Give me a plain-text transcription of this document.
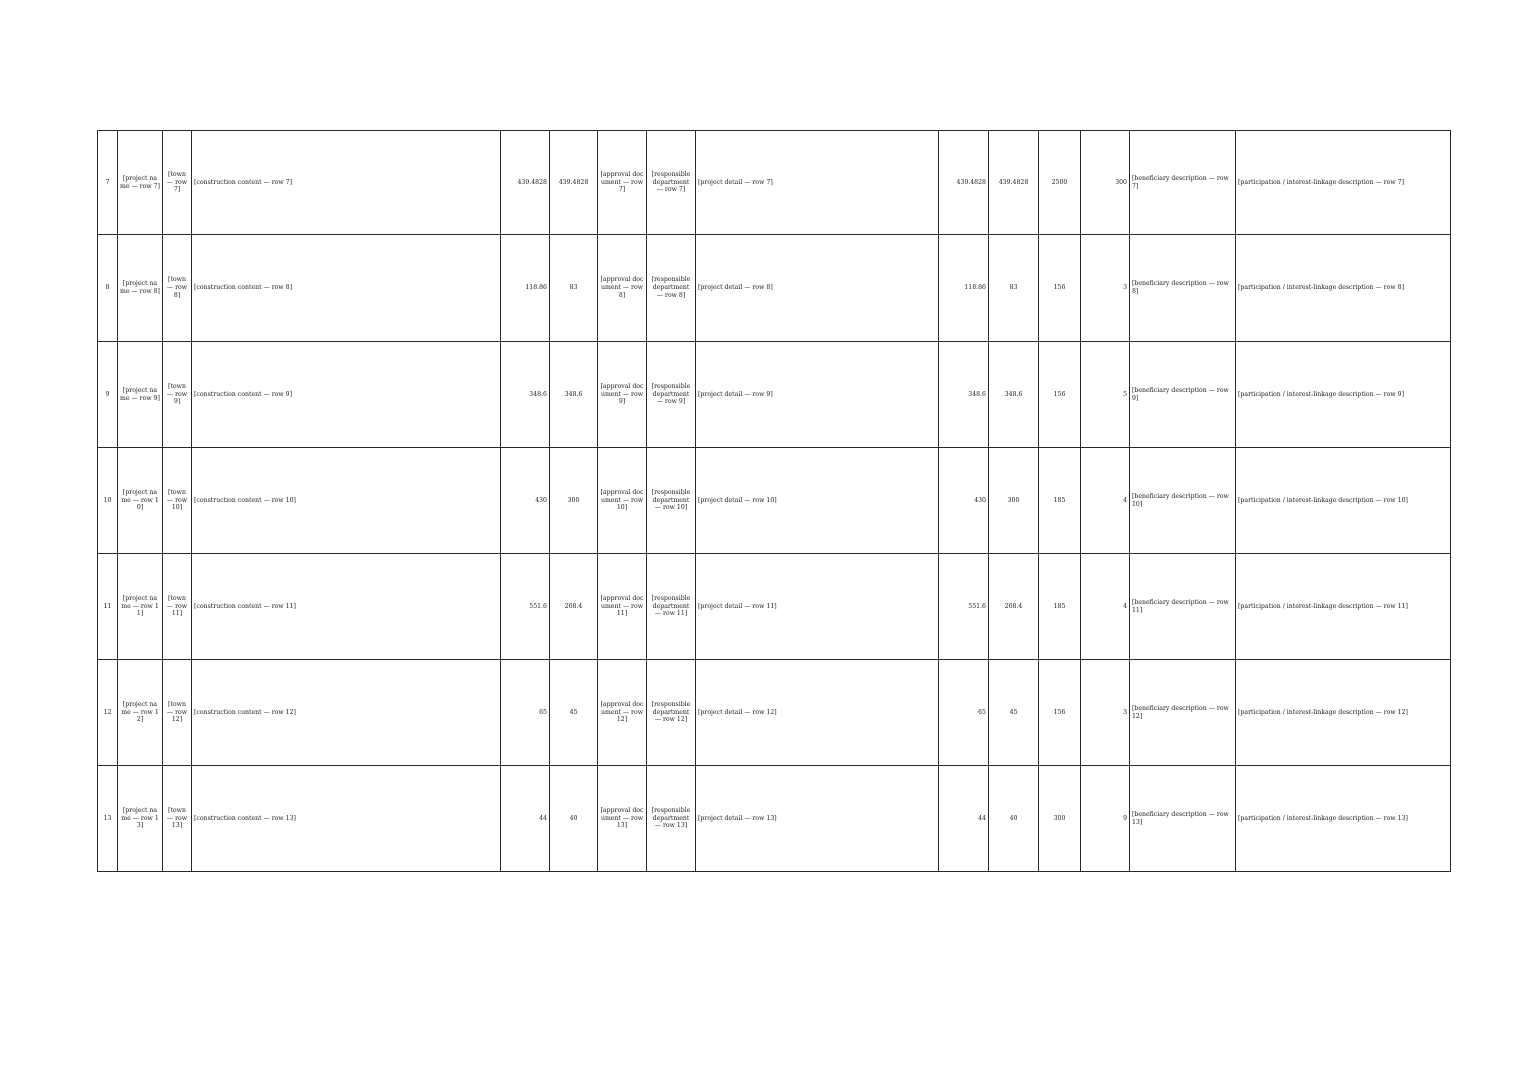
7	[project name — row 7]	[town — row 7]	[construction content — row 7]	439.4828	439.4828	[approval document — row 7]	[responsible department — row 7]	[project detail — row 7]	439.4828	439.4828	2500	300	[beneficiary description — row 7]	[participation / interest-linkage description — row 7]
8	[project name — row 8]	[town — row 8]	[construction content — row 8]	118.86	83	[approval document — row 8]	[responsible department — row 8]	[project detail — row 8]	118.86	83	156	3	[beneficiary description — row 8]	[participation / interest-linkage description — row 8]
9	[project name — row 9]	[town — row 9]	[construction content — row 9]	348.6	348.6	[approval document — row 9]	[responsible department — row 9]	[project detail — row 9]	348.6	348.6	156	5	[beneficiary description — row 9]	[participation / interest-linkage description — row 9]
10	[project name — row 10]	[town — row 10]	[construction content — row 10]	430	300	[approval document — row 10]	[responsible department — row 10]	[project detail — row 10]	430	300	185	4	[beneficiary description — row 10]	[participation / interest-linkage description — row 10]
11	[project name — row 11]	[town — row 11]	[construction content — row 11]	551.6	268.4	[approval document — row 11]	[responsible department — row 11]	[project detail — row 11]	551.6	268.4	185	4	[beneficiary description — row 11]	[participation / interest-linkage description — row 11]
12	[project name — row 12]	[town — row 12]	[construction content — row 12]	65	45	[approval document — row 12]	[responsible department — row 12]	[project detail — row 12]	65	45	156	3	[beneficiary description — row 12]	[participation / interest-linkage description — row 12]
13	[project name — row 13]	[town — row 13]	[construction content — row 13]	44	40	[approval document — row 13]	[responsible department — row 13]	[project detail — row 13]	44	40	300	9	[beneficiary description — row 13]	[participation / interest-linkage description — row 13]
